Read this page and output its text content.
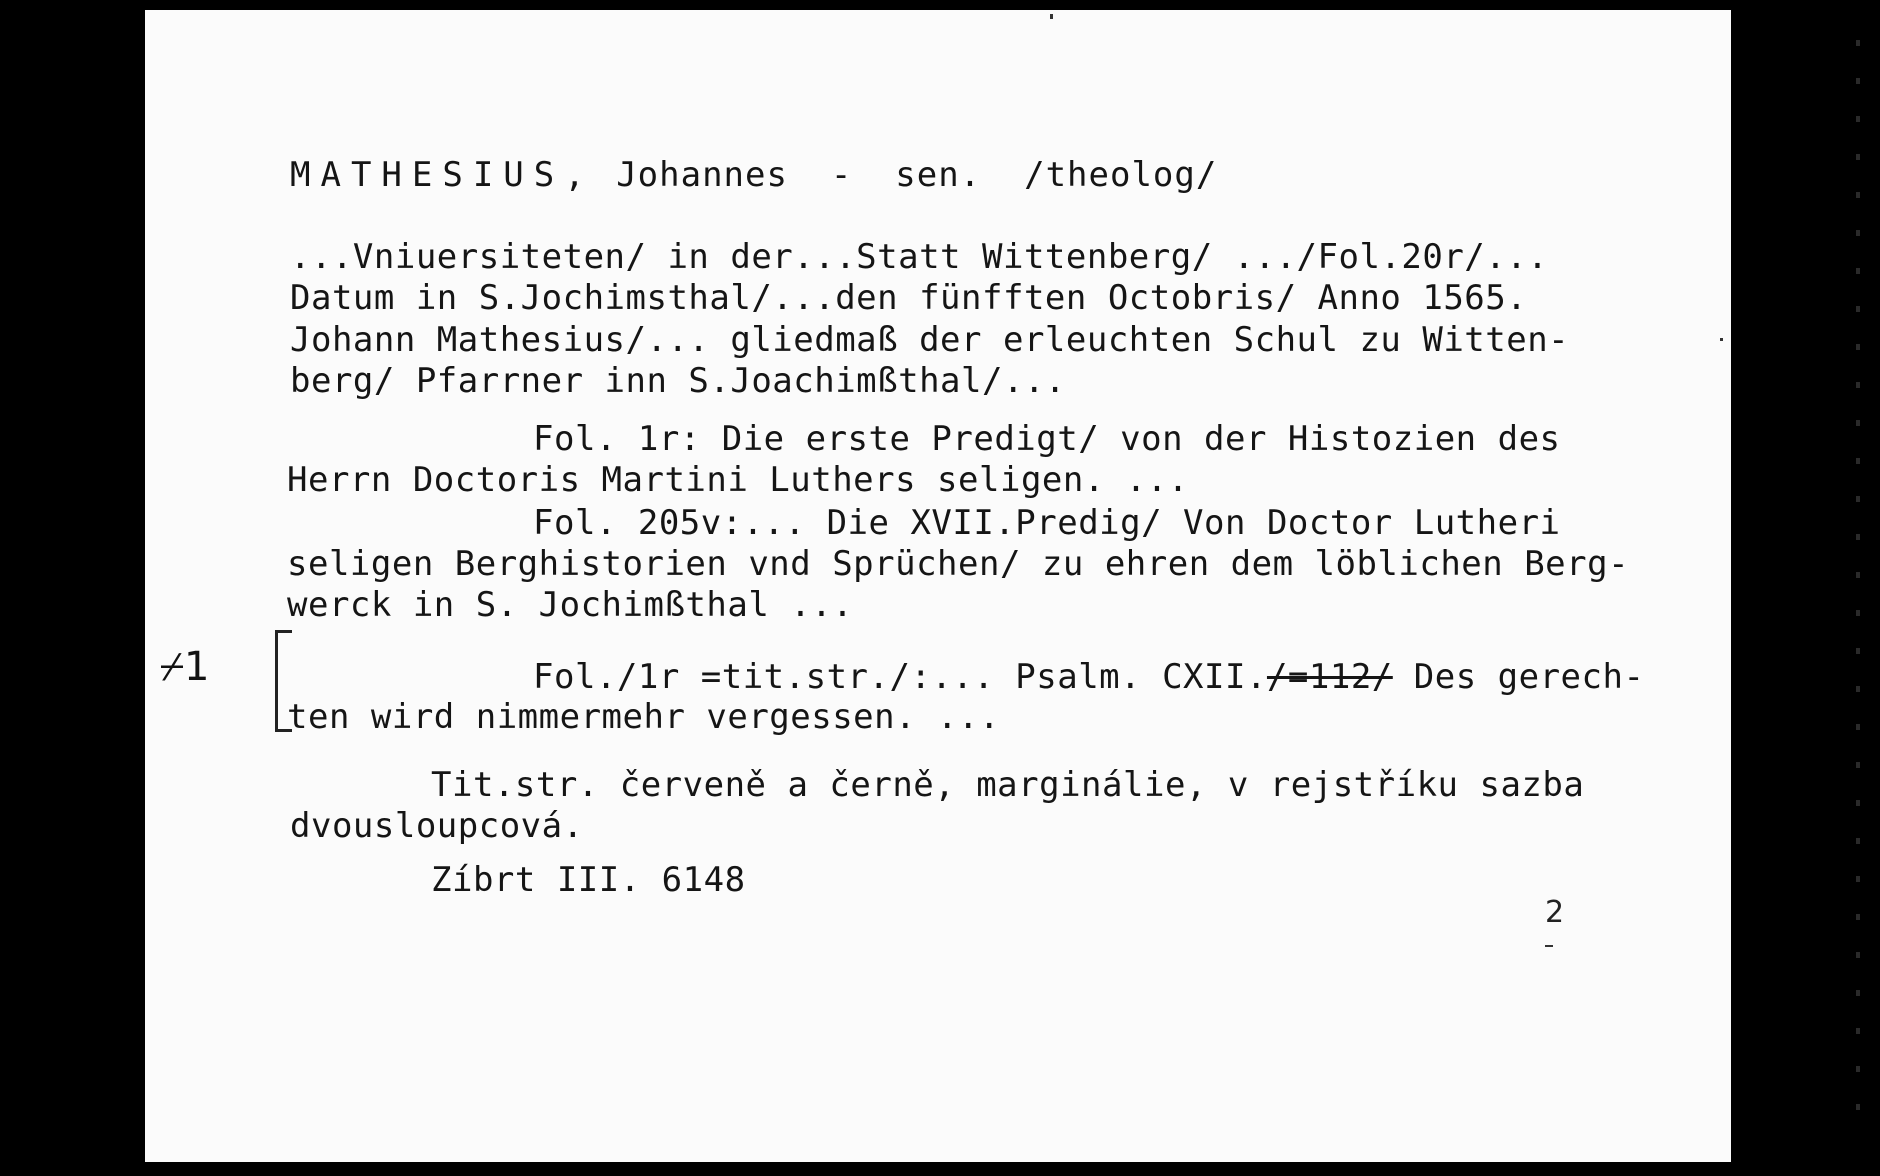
MATHESIUS, Johannes  -  sen.  /theolog/
...Vniuersiteten/ in der...Statt Wittenberg/ .../Fol.20r/...
Datum in S.Jochimsthal/...den fünfften Octobris/ Anno 1565.
Johann Mathesius/... gliedmaß der erleuchten Schul zu Witten-
berg/ Pfarrner inn S.Joachimßthal/...
Fol. 1r: Die erste Predigt/ von der Histozien des
Herrn Doctoris Martini Luthers seligen. ...
Fol. 205v:... Die XVII.Predig/ Von Doctor Lutheri
seligen Berghistorien vnd Sprüchen/ zu ehren dem löblichen Berg-
werck in S. Jochimßthal ...
⌿1	Fol./1r =tit.str./:... Psalm. CXII./=112/ Des gerech-
ten wird nimmermehr vergessen. ...
Tit.str. červeně a černě, marginálie, v rejstříku sazba
dvousloupcová.
Zíbrt III. 6148
2
